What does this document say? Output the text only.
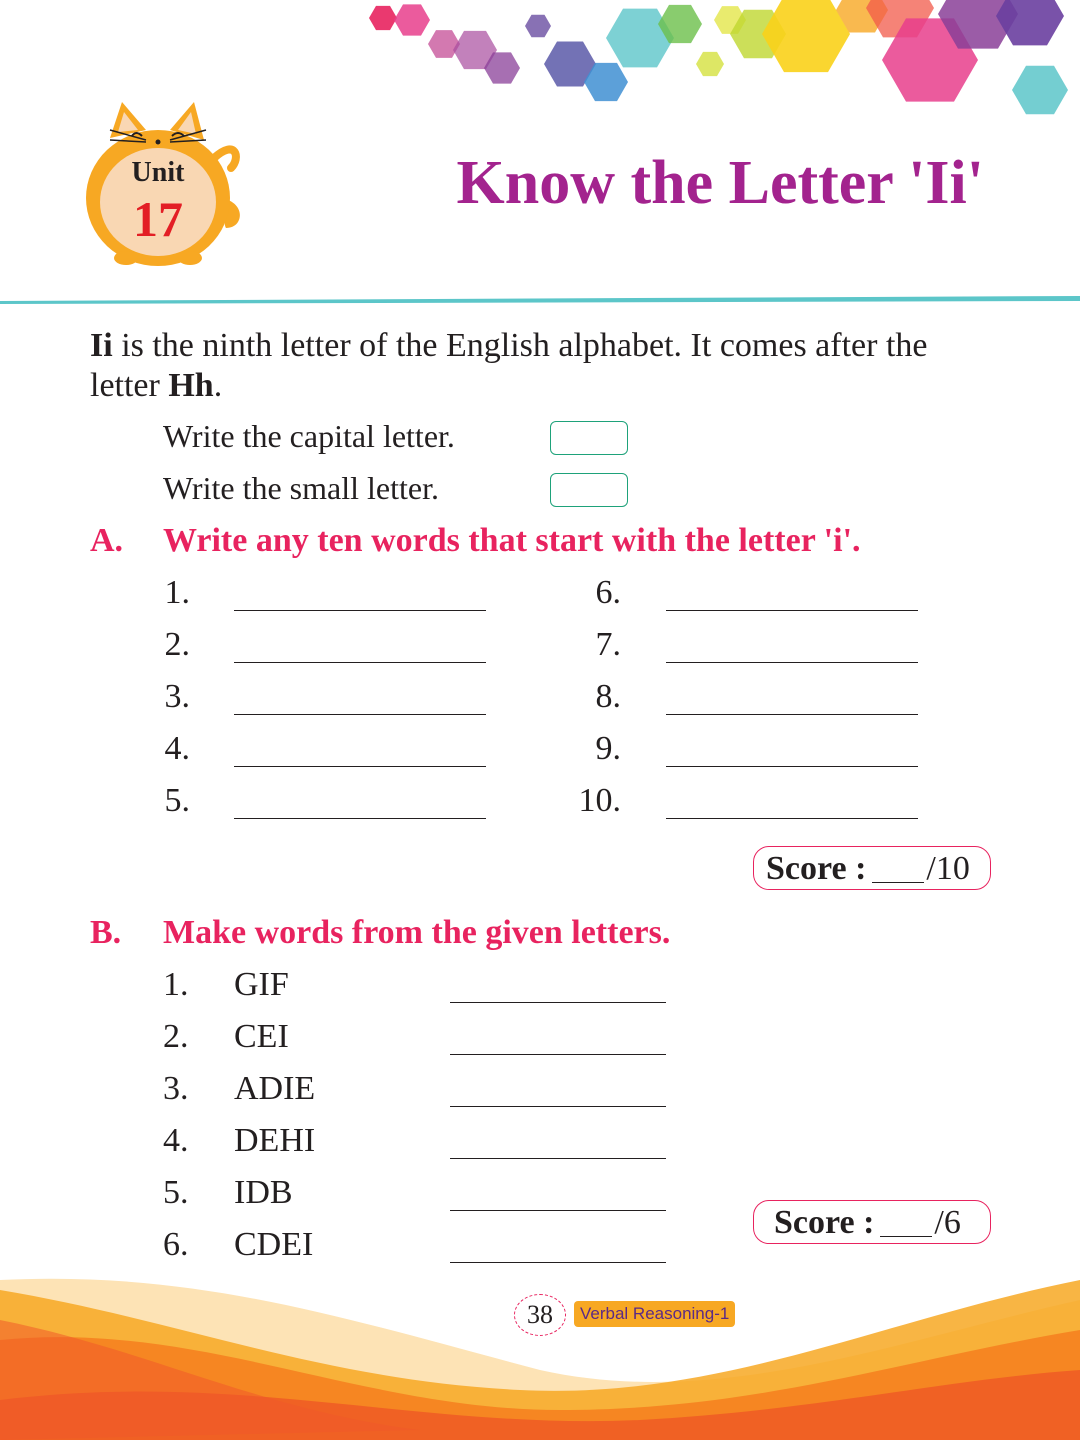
Unit
17
Know the Letter 'Ii'
Ii is the ninth letter of the English alphabet. It comes after the letter Hh.
Write the capital letter.
Write the small letter.
A. Write any ten words that start with the letter 'i'.
1.
2.
3.
4.
5.
6.
7.
8.
9.
10.
Score : /10
B. Make words from the given letters.
1. GIF
2. CEI
3. ADIE
4. DEHI
5. IDB
6. CDEI
Score : /6
38	Verbal Reasoning-1
